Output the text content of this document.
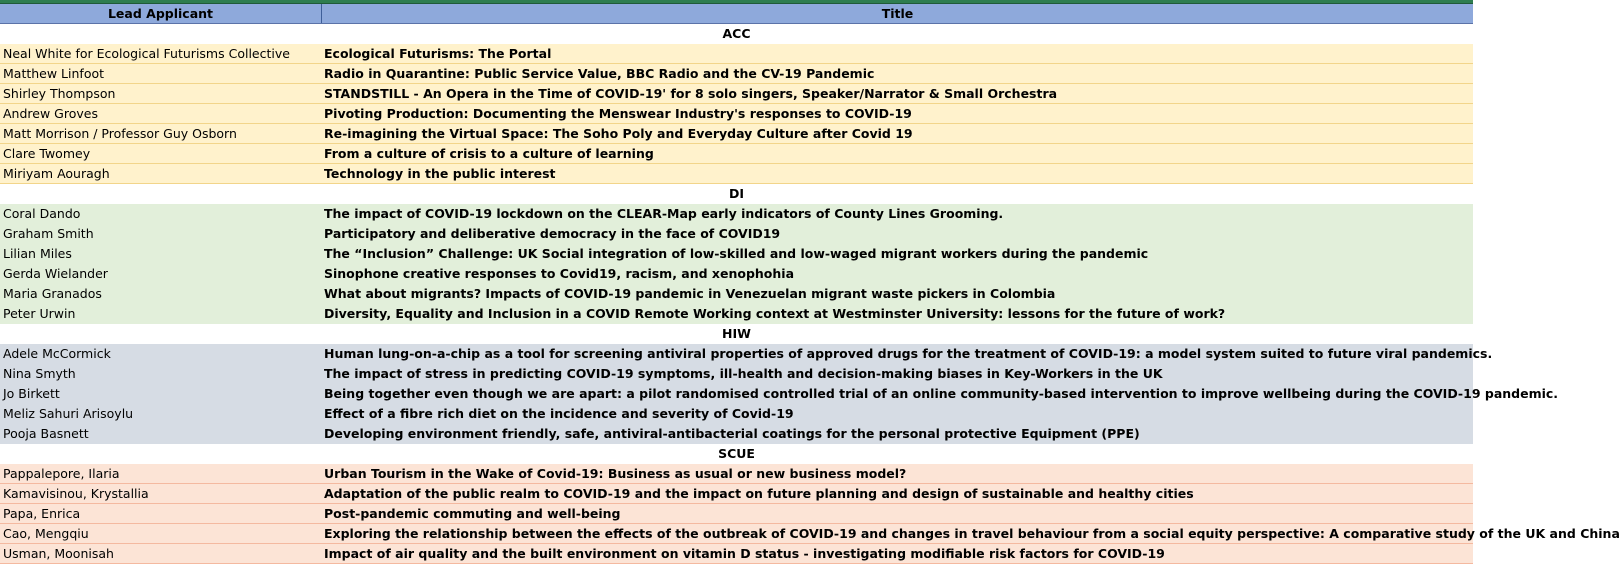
Lead Applicant	Title
ACC
Neal White for Ecological Futurisms Collective	Ecological Futurisms: The Portal
Matthew Linfoot	Radio in Quarantine: Public Service Value, BBC Radio and the CV-19 Pandemic
Shirley Thompson	STANDSTILL - An Opera in the Time of COVID-19' for 8 solo singers, Speaker/Narrator & Small Orchestra
Andrew Groves	Pivoting Production: Documenting the Menswear Industry's responses to COVID-19
Matt Morrison / Professor Guy Osborn	Re-imagining the Virtual Space: The Soho Poly and Everyday Culture after Covid 19
Clare Twomey	From a culture of crisis to a culture of learning
Miriyam Aouragh	Technology in the public interest
DI
Coral Dando	The impact of COVID-19 lockdown on the CLEAR-Map early indicators of County Lines Grooming.
Graham Smith	Participatory and deliberative democracy in the face of COVID19
Lilian Miles	The “Inclusion” Challenge: UK Social integration of low-skilled and low-waged migrant workers during the pandemic
Gerda Wielander	Sinophone creative responses to Covid19, racism, and xenophohia
Maria Granados	What about migrants? Impacts of COVID-19 pandemic in Venezuelan migrant waste pickers in Colombia
Peter Urwin	Diversity, Equality and Inclusion in a COVID Remote Working context at Westminster University: lessons for the future of work?
HIW
Adele McCormick	Human lung-on-a-chip as a tool for screening antiviral properties of approved drugs for the treatment of COVID-19: a model system suited to future viral pandemics.
Nina Smyth	The impact of stress in predicting COVID-19 symptoms, ill-health and decision-making biases in Key-Workers in the UK
Jo Birkett	Being together even though we are apart: a pilot randomised controlled trial of an online community-based intervention to improve wellbeing during the COVID-19 pandemic.
Meliz Sahuri Arisoylu	Effect of a fibre rich diet on the incidence and severity of Covid-19
Pooja Basnett	Developing environment friendly, safe, antiviral-antibacterial coatings for the personal protective Equipment (PPE)
SCUE
Pappalepore, Ilaria	Urban Tourism in the Wake of Covid-19: Business as usual or new business model?
Kamavisinou, Krystallia	Adaptation of the public realm to COVID-19 and the impact on future planning and design of sustainable and healthy cities
Papa, Enrica	Post-pandemic commuting and well-being
Cao, Mengqiu	Exploring the relationship between the effects of the outbreak of COVID-19 and changes in travel behaviour from a social equity perspective: A comparative study of the UK and China
Usman, Moonisah	Impact of air quality and the built environment on vitamin D status - investigating modifiable risk factors for COVID-19
